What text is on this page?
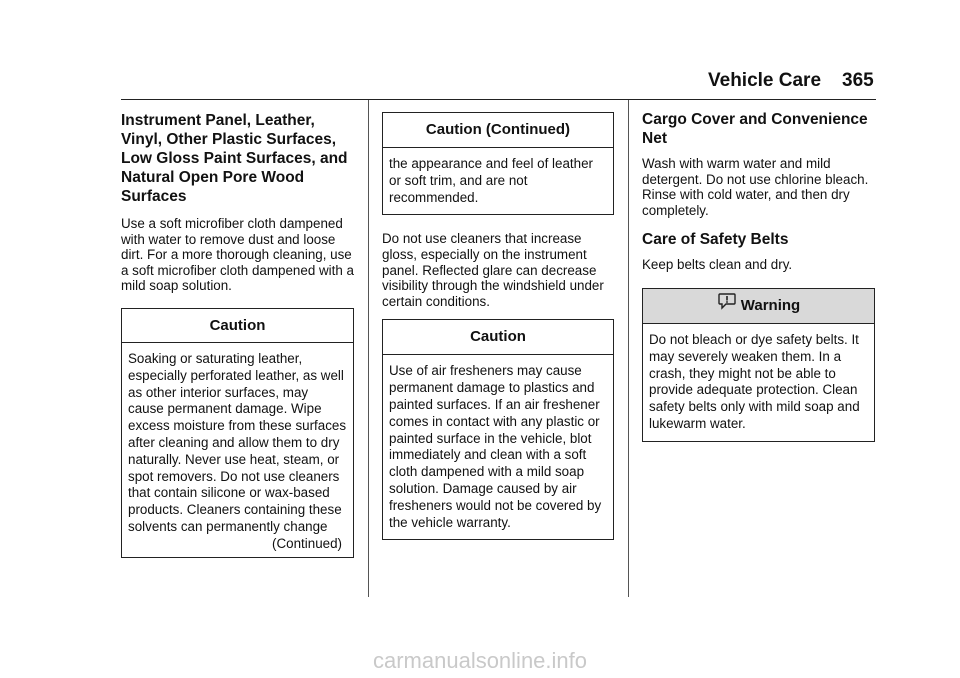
Vehicle Care 365
Instrument Panel, Leather, Vinyl, Other Plastic Surfaces, Low Gloss Paint Surfaces, and Natural Open Pore Wood Surfaces

Use a soft microfiber cloth dampened with water to remove dust and loose dirt. For a more thorough cleaning, use a soft microfiber cloth dampened with a mild soap solution.

Caution
Soaking or saturating leather, especially perforated leather, as well as other interior surfaces, may cause permanent damage. Wipe excess moisture from these surfaces after cleaning and allow them to dry naturally. Never use heat, steam, or spot removers. Do not use cleaners that contain silicone or wax-based products. Cleaners containing these solvents can permanently change
(Continued)
Caution (Continued)
the appearance and feel of leather or soft trim, and are not recommended.

Do not use cleaners that increase gloss, especially on the instrument panel. Reflected glare can decrease visibility through the windshield under certain conditions.

Caution
Use of air fresheners may cause permanent damage to plastics and painted surfaces. If an air freshener comes in contact with any plastic or painted surface in the vehicle, blot immediately and clean with a soft cloth dampened with a mild soap solution. Damage caused by air fresheners would not be covered by the vehicle warranty.
Cargo Cover and Convenience Net

Wash with warm water and mild detergent. Do not use chlorine bleach. Rinse with cold water, and then dry completely.

Care of Safety Belts

Keep belts clean and dry.

Warning
Do not bleach or dye safety belts. It may severely weaken them. In a crash, they might not be able to provide adequate protection. Clean safety belts only with mild soap and lukewarm water.
carmanualsonline.info
